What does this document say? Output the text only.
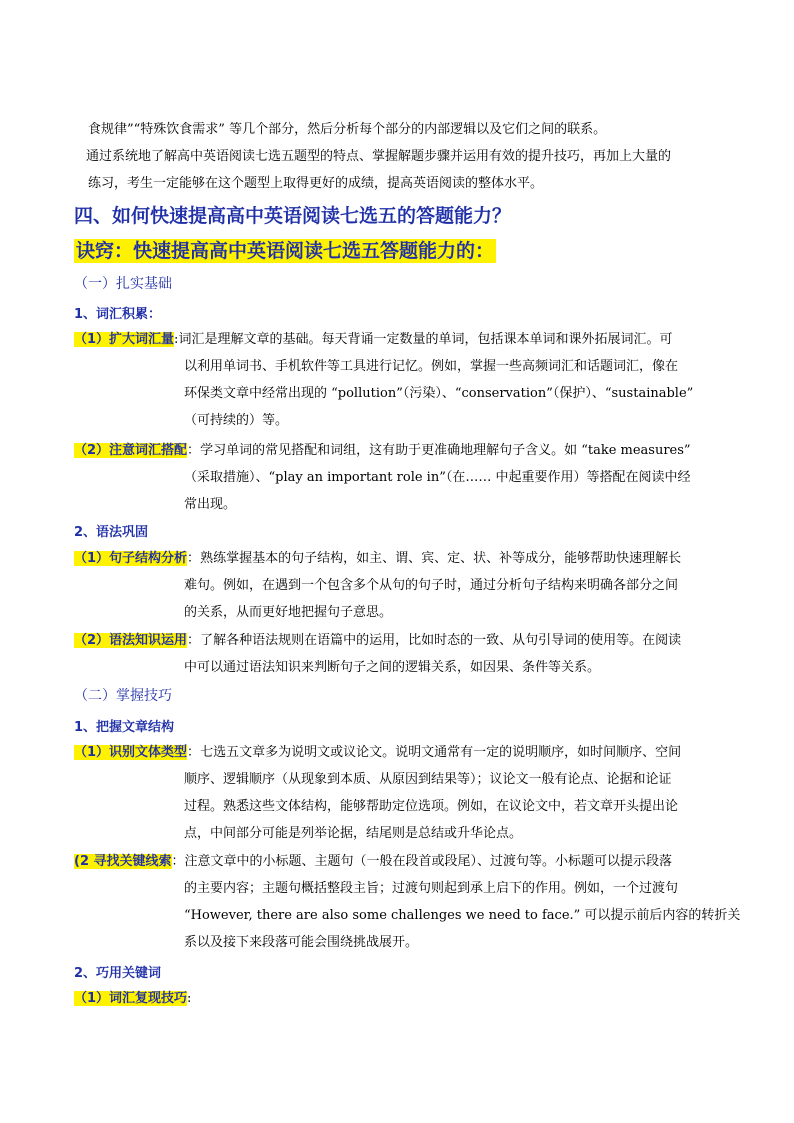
食规律”“特殊饮食需求” 等几个部分，然后分析每个部分的内部逻辑以及它们之间的联系。
通过系统地了解高中英语阅读七选五题型的特点、掌握解题步骤并运用有效的提升技巧，再加上大量的
练习，考生一定能够在这个题型上取得更好的成绩，提高英语阅读的整体水平。
四、如何快速提高高中英语阅读七选五的答题能力？
诀窍：快速提高高中英语阅读七选五答题能力的：
（一）扎实基础
1、词汇积累：
（1）扩大词汇量:词汇是理解文章的基础。每天背诵一定数量的单词，包括课本单词和课外拓展词汇。可
以利用单词书、手机软件等工具进行记忆。例如，掌握一些高频词汇和话题词汇，像在
环保类文章中经常出现的 “pollution”（污染）、“conservation”（保护）、“sustainable”
（可持续的）等。
（2）注意词汇搭配：学习单词的常见搭配和词组，这有助于更准确地理解句子含义。如 “take measures”
（采取措施）、“play an important role in”（在…… 中起重要作用）等搭配在阅读中经
常出现。
2、语法巩固
（1）句子结构分析：熟练掌握基本的句子结构，如主、谓、宾、定、状、补等成分，能够帮助快速理解长
难句。例如，在遇到一个包含多个从句的句子时，通过分析句子结构来明确各部分之间
的关系，从而更好地把握句子意思。
（2）语法知识运用：了解各种语法规则在语篇中的运用，比如时态的一致、从句引导词的使用等。在阅读
中可以通过语法知识来判断句子之间的逻辑关系，如因果、条件等关系。
（二）掌握技巧
1、把握文章结构
（1）识别文体类型：七选五文章多为说明文或议论文。说明文通常有一定的说明顺序，如时间顺序、空间
顺序、逻辑顺序（从现象到本质、从原因到结果等）；议论文一般有论点、论据和论证
过程。熟悉这些文体结构，能够帮助定位选项。例如，在议论文中，若文章开头提出论
点，中间部分可能是列举论据，结尾则是总结或升华论点。
(2 寻找关键线索：注意文章中的小标题、主题句（一般在段首或段尾）、过渡句等。小标题可以提示段落
的主要内容；主题句概括整段主旨；过渡句则起到承上启下的作用。例如，一个过渡句
“However, there are also some challenges we need to face.” 可以提示前后内容的转折关
系以及接下来段落可能会围绕挑战展开。
2、巧用关键词
（1）词汇复现技巧:
